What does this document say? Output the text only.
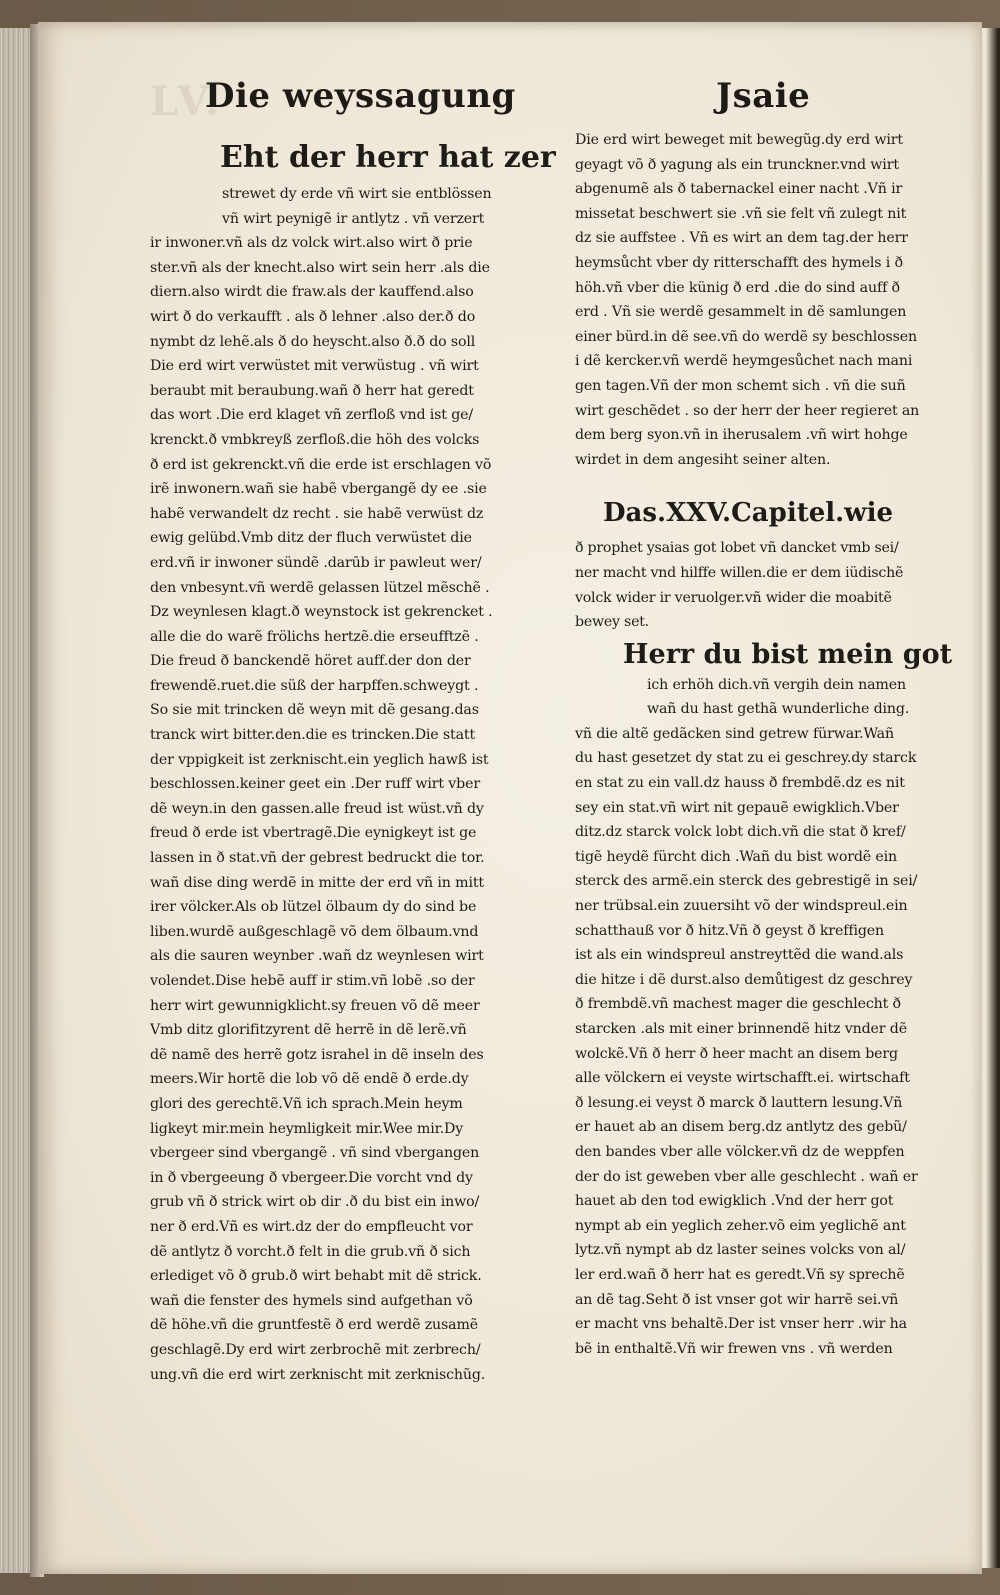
LV.
Die weyssagung	Jsaie
Eht der herr hat zer
strewet dy erde vñ wirt sie entblössen
vñ wirt peynigẽ ir antlytz . vñ verzert
ir inwoner.vñ als dz volck wirt.also wirt ð prie
ster.vñ als der knecht.also wirt sein herr .als die
diern.also wirdt die fraw.als der kauffend.also
wirt ð do verkaufft . als ð lehner .also der.ð do
nymbt dz lehẽ.als ð do heyscht.also ð.ð do soll
Die erd wirt verwüstet mit verwüstug . vñ wirt
beraubt mit beraubung.wañ ð herr hat geredt
das wort .Die erd klaget vñ zerfloß vnd ist ge/
krenckt.ð vmbkreyß zerfloß.die höh des volcks
ð erd ist gekrenckt.vñ die erde ist erschlagen võ
irẽ inwonern.wañ sie habẽ vbergangẽ dy ee .sie
habẽ verwandelt dz recht . sie habẽ verwüst dz
ewig gelübd.Vmb ditz der fluch verwüstet die
erd.vñ ir inwoner sündẽ .darūb ir pawleut wer/
den vnbesynt.vñ werdẽ gelassen lützel mẽschẽ .
Dz weynlesen klagt.ð weynstock ist gekrencket .
alle die do warẽ frölichs hertzẽ.die erseufftzẽ .
Die freud ð banckendẽ höret auff.der don der
frewendẽ.ruet.die süß der harpffen.schweygt .
So sie mit trincken dẽ weyn mit dẽ gesang.das
tranck wirt bitter.den.die es trincken.Die statt
der vppigkeit ist zerknischt.ein yeglich hawß ist
beschlossen.keiner geet ein .Der ruff wirt vber
dẽ weyn.in den gassen.alle freud ist wüst.vñ dy
freud ð erde ist vbertragẽ.Die eynigkeyt ist ge
lassen in ð stat.vñ der gebrest bedruckt die tor.
wañ dise ding werdẽ in mitte der erd vñ in mitt
irer völcker.Als ob lützel ölbaum dy do sind be
liben.wurdẽ außgeschlagẽ võ dem ölbaum.vnd
als die sauren weynber .wañ dz weynlesen wirt
volendet.Dise hebẽ auff ir stim.vñ lobẽ .so der
herr wirt gewunnigklicht.sy freuen võ dẽ meer
Vmb ditz glorifitzyrent dẽ herrẽ in dẽ lerẽ.vñ
dẽ namẽ des herrẽ gotz israhel in dẽ inseln des
meers.Wir hortẽ die lob võ dẽ endẽ ð erde.dy
glori des gerechtẽ.Vñ ich sprach.Mein heym
ligkeyt mir.mein heymligkeit mir.Wee mir.Dy
vbergeer sind vbergangẽ . vñ sind vbergangen
in ð vbergeeung ð vbergeer.Die vorcht vnd dy
grub vñ ð strick wirt ob dir .ð du bist ein inwo/
ner ð erd.Vñ es wirt.dz der do empfleucht vor
dẽ antlytz ð vorcht.ð felt in die grub.vñ ð sich
erlediget võ ð grub.ð wirt behabt mit dẽ strick.
wañ die fenster des hymels sind aufgethan võ
dẽ höhe.vñ die gruntfestẽ ð erd werdẽ zusamẽ
geschlagẽ.Dy erd wirt zerbrochẽ mit zerbrech/
ung.vñ die erd wirt zerknischt mit zerknischũg.
Die erd wirt beweget mit bewegũg.dy erd wirt
geyagt võ ð yagung als ein trunckner.vnd wirt
abgenumẽ als ð tabernackel einer nacht .Vñ ir
missetat beschwert sie .vñ sie felt vñ zulegt nit
dz sie auffstee . Vñ es wirt an dem tag.der herr
heymsůcht vber dy ritterschafft des hymels i ð
höh.vñ vber die künig ð erd .die do sind auff ð
erd . Vñ sie werdẽ gesammelt in dẽ samlungen
einer bürd.in dẽ see.vñ do werdẽ sy beschlossen
i dẽ kercker.vñ werdẽ heymgesůchet nach mani
gen tagen.Vñ der mon schemt sich . vñ die suñ
wirt geschẽdet . so der herr der heer regieret an
dem berg syon.vñ in iherusalem .vñ wirt hohge
wirdet in dem angesiht seiner alten.
Das.XXV.Capitel.wie
ð prophet ysaias got lobet vñ dancket vmb sei/
ner macht vnd hilffe willen.die er dem iüdischẽ
volck wider ir veruolger.vñ wider die moabitẽ
bewey set.
Herr du bist mein got
ich erhöh dich.vñ vergih dein namen
wañ du hast gethã wunderliche ding.
vñ die altẽ gedãcken sind getrew fürwar.Wañ
du hast gesetzet dy stat zu ei geschrey.dy starck
en stat zu ein vall.dz hauss ð frembdẽ.dz es nit
sey ein stat.vñ wirt nit gepauẽ ewigklich.Vber
ditz.dz starck volck lobt dich.vñ die stat ð kref/
tigẽ heydẽ fürcht dich .Wañ du bist wordẽ ein
sterck des armẽ.ein sterck des gebrestigẽ in sei/
ner trübsal.ein zuuersiht võ der windspreul.ein
schatthauß vor ð hitz.Vñ ð geyst ð kreffigen
ist als ein windspreul anstreyttẽd die wand.als
die hitze i dẽ durst.also demůtigest dz geschrey
ð frembdẽ.vñ machest mager die geschlecht ð
starcken .als mit einer brinnendẽ hitz vnder dẽ
wolckẽ.Vñ ð herr ð heer macht an disem berg
alle völckern ei veyste wirtschafft.ei. wirtschaft
ð lesung.ei veyst ð marck ð lauttern lesung.Vñ
er hauet ab an disem berg.dz antlytz des gebũ/
den bandes vber alle völcker.vñ dz de weppfen
der do ist geweben vber alle geschlecht . wañ er
hauet ab den tod ewigklich .Vnd der herr got
nympt ab ein yeglich zeher.võ eim yeglichẽ ant
lytz.vñ nympt ab dz laster seines volcks von al/
ler erd.wañ ð herr hat es geredt.Vñ sy sprechẽ
an dẽ tag.Seht ð ist vnser got wir harrẽ sei.vñ
er macht vns behaltẽ.Der ist vnser herr .wir ha
bẽ in enthaltẽ.Vñ wir frewen vns . vñ werden
